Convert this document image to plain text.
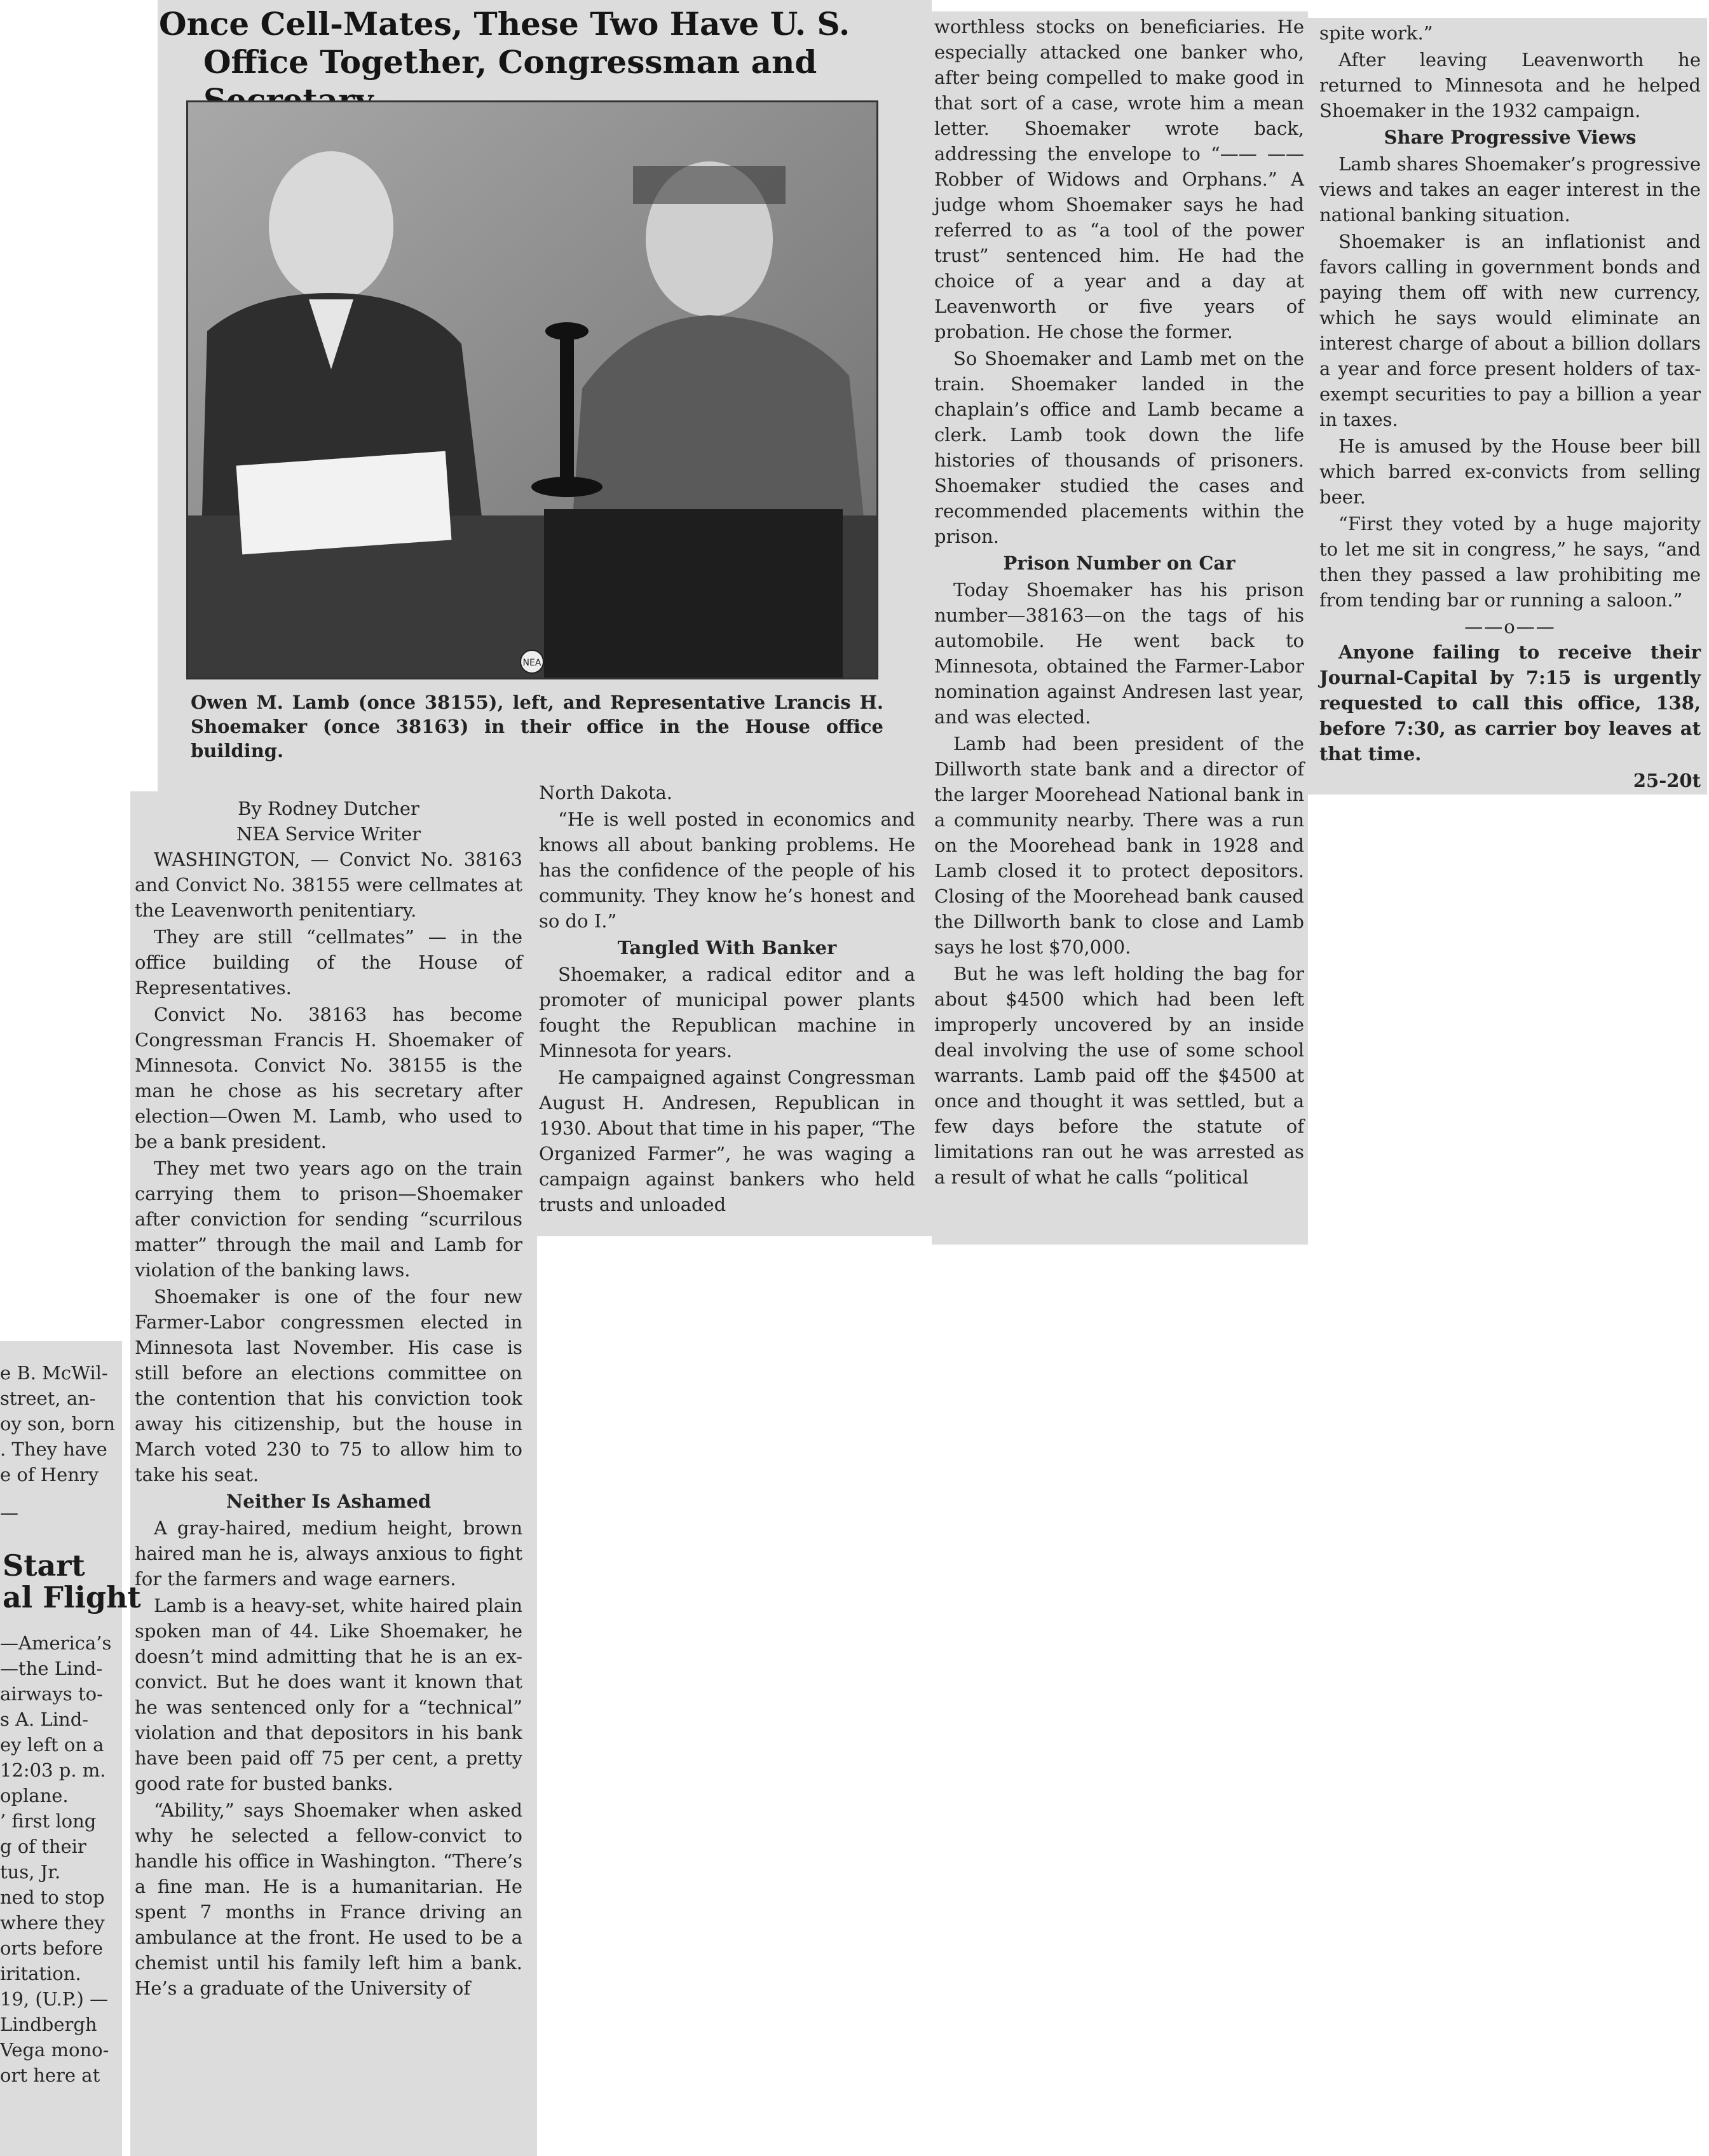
Once Cell-Mates, These Two Have U. S.
Office Together, Congressman and
NEA
Owen M. Lamb (once 38155), left, and Representative Lrancis H. Shoemaker (once 38163) in their office in the House office building.
By Rodney Dutcher
NEA Service Writer

WASHINGTON, — Convict No. 38163 and Convict No. 38155 were cellmates at the Leavenworth penitentiary.

They are still “cellmates” — in the office building of the House of Representatives.

Convict No. 38163 has become Congressman Francis H. Shoemaker of Minnesota. Convict No. 38155 is the man he chose as his secretary after election—Owen M. Lamb, who used to be a bank president.

They met two years ago on the train carrying them to prison—Shoemaker after conviction for sending “scurrilous matter” through the mail and Lamb for violation of the banking laws.

Shoemaker is one of the four new Farmer-Labor congressmen elected in Minnesota last November. His case is still before an elections committee on the contention that his conviction took away his citizenship, but the house in March voted 230 to 75 to allow him to take his seat.

Neither Is Ashamed

A gray-haired, medium height, brown haired man he is, always anxious to fight for the farmers and wage earners.

Lamb is a heavy-set, white haired plain spoken man of 44. Like Shoemaker, he doesn’t mind admitting that he is an ex-convict. But he does want it known that he was sentenced only for a “technical” violation and that depositors in his bank have been paid off 75 per cent, a pretty good rate for busted banks.

“Ability,” says Shoemaker when asked why he selected a fellow-convict to handle his office in Washington. “There’s a fine man. He is a humanitarian. He spent 7 months in France driving an ambulance at the front. He used to be a chemist until his family left him a bank. He’s a graduate of the University of

North Dakota.

“He is well posted in economics and knows all about banking problems. He has the confidence of the people of his community. They know he’s honest and so do I.”

Tangled With Banker

Shoemaker, a radical editor and a promoter of municipal power plants fought the Republican machine in Minnesota for years.

He campaigned against Congressman August H. Andresen, Republican in 1930. About that time in his paper, “The Organized Farmer”, he was waging a campaign against bankers who held trusts and unloaded

worthless stocks on beneficiaries. He especially attacked one banker who, after being compelled to make good in that sort of a case, wrote him a mean letter. Shoemaker wrote back, addressing the envelope to “—— —— Robber of Widows and Orphans.” A judge whom Shoemaker says he had referred to as “a tool of the power trust” sentenced him. He had the choice of a year and a day at Leavenworth or five years of probation. He chose the former.

So Shoemaker and Lamb met on the train. Shoemaker landed in the chaplain’s office and Lamb became a clerk. Lamb took down the life histories of thousands of prisoners. Shoemaker studied the cases and recommended placements within the prison.

Prison Number on Car

Today Shoemaker has his prison number—38163—on the tags of his automobile. He went back to Minnesota, obtained the Farmer-Labor nomination against Andresen last year, and was elected.

Lamb had been president of the Dillworth state bank and a director of the larger Moorehead National bank in a community nearby. There was a run on the Moorehead bank in 1928 and Lamb closed it to protect depositors. Closing of the Moorehead bank caused the Dillworth bank to close and Lamb says he lost $70,000.

But he was left holding the bag for about $4500 which had been left improperly uncovered by an inside deal involving the use of some school warrants. Lamb paid off the $4500 at once and thought it was settled, but a few days before the statute of limitations ran out he was arrested as a result of what he calls “political

spite work.”

After leaving Leavenworth he returned to Minnesota and he helped Shoemaker in the 1932 campaign.

Share Progressive Views

Lamb shares Shoemaker’s progressive views and takes an eager interest in the national banking situation.

Shoemaker is an inflationist and favors calling in government bonds and paying them off with new currency, which he says would eliminate an interest charge of about a billion dollars a year and force present holders of tax-exempt securities to pay a billion a year in taxes.

He is amused by the House beer bill which barred ex-convicts from selling beer.

“First they voted by a huge majority to let me sit in congress,” he says, “and then they passed a law prohibiting me from tending bar or running a saloon.”

——o——

Anyone failing to receive their Journal-Capital by 7:15 is urgently requested to call this office, 138, before 7:30, as carrier boy leaves at that time.

25-20t
e B. McWil-
street, an-
oy son, born
. They have
e of Henry
—
Start
al Flight
—America’s
—the Lind-
airways to-
s A. Lind-
ey left on a
12:03 p. m.
oplane.
’ first long
g of their
tus, Jr.
ned to stop
where they
orts before
iritation.
19, (U.P.) —
Lindbergh
Vega mono-
ort here at
